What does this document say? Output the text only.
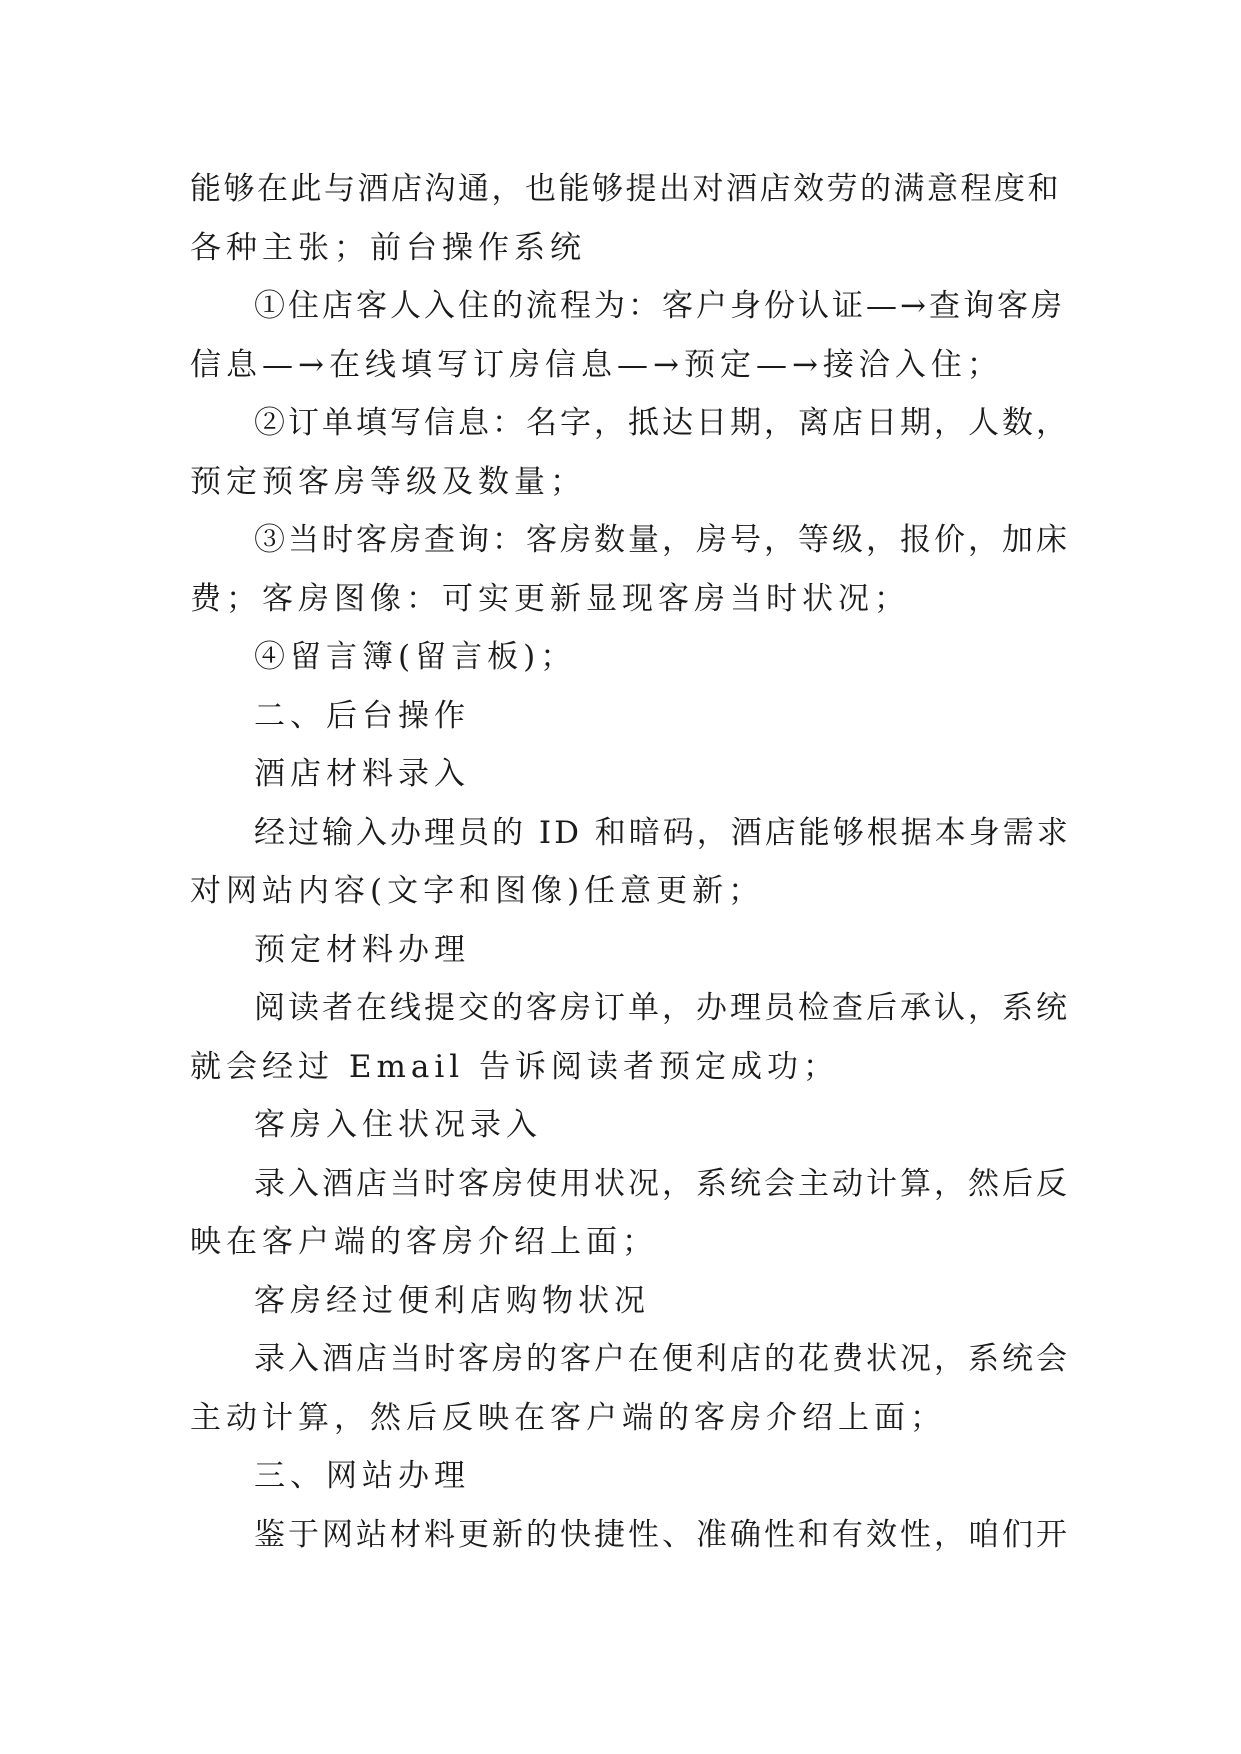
能够在此与酒店沟通，也能够提出对酒店效劳的满意程度和

各种主张；前台操作系统

①住店客人入住的流程为：客户身份认证—→查询客房

信息—→在线填写订房信息—→预定—→接洽入住；

②订单填写信息：名字，抵达日期，离店日期，人数，

预定预客房等级及数量；

③当时客房查询：客房数量，房号，等级，报价，加床

费；客房图像：可实更新显现客房当时状况；

④留言簿(留言板)；

二、后台操作

酒店材料录入

经过输入办理员的 ID 和暗码，酒店能够根据本身需求

对网站内容(文字和图像)任意更新；

预定材料办理

阅读者在线提交的客房订单，办理员检查后承认，系统

就会经过 Email 告诉阅读者预定成功；

客房入住状况录入

录入酒店当时客房使用状况，系统会主动计算，然后反

映在客户端的客房介绍上面；

客房经过便利店购物状况

录入酒店当时客房的客户在便利店的花费状况，系统会

主动计算，然后反映在客户端的客房介绍上面；

三、网站办理

鉴于网站材料更新的快捷性、准确性和有效性，咱们开
